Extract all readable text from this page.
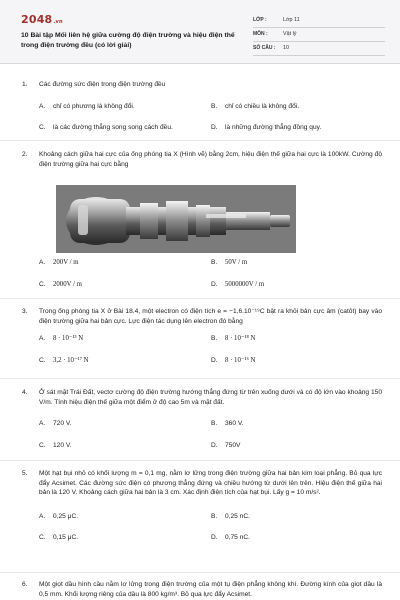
2048.vn
10 Bài tập Mối liên hệ giữa cường độ điện trường và hiệu điện thế trong điện trường đều (có lời giải)
LỚP :	Lớp 11
MÔN :	Vật lý
SỐ CÂU :	10
1.	Các đường sức điện trong điện trường đều
A.	chỉ có phương là không đổi.	B.	chỉ có chiều là không đổi.
C.	là các đường thẳng song song cách đều.	D.	là những đường thẳng đồng quy.
2.	Khoảng cách giữa hai cực của ống phóng tia X (Hình vẽ) bằng 2cm, hiệu điện thế giữa hai cực là 100kW. Cường độ điện trường giữa hai cực bằng
A.	200V / m	B.	50V / m
C.	2000V / m	D.	5000000V / m
3.	Trong ống phóng tia X ở Bài 18.4, một electron có điện tích e = −1,6.10⁻¹⁹C bật ra khỏi bản cực âm (catôt) bay vào điện trường giữa hai bản cực. Lực điện tác dụng lên electron đó bằng
A.	8 · 10⁻¹³ N	B.	8 · 10⁻¹⁸ N
C.	3,2 · 10⁻¹⁷ N	D.	8 · 10⁻¹⁶ N
4.	Ở sát mặt Trái Đất, vectơ cường độ điện trường hướng thẳng đứng từ trên xuống dưới và có độ lớn vào khoảng 150 V/m. Tính hiệu điện thế giữa một điểm ở độ cao 5m và mặt đất.
A.	720 V.	B.	360 V.
C.	120 V.	D.	750V
5.	Một hạt bụi nhỏ có khối lượng m = 0,1 mg, nằm lơ lửng trong điện trường giữa hai bản kim loại phẳng. Bỏ qua lực đẩy Acsimet. Các đường sức điện có phương thẳng đứng và chiều hướng từ dưới lên trên. Hiệu điện thế giữa hai bản là 120 V. Khoảng cách giữa hai bản là 3 cm. Xác định điện tích của hạt bụi. Lấy g = 10 m/s².
A.	0,25 μC.	B.	0,25 nC.
C.	0,15 μC.	D.	0,75 nC.
6.	Một giọt dầu hình cầu nằm lơ lửng trong điện trường của một tụ điện phẳng không khí. Đường kính của giọt dầu là 0,5 mm. Khối lượng riêng của dầu là 800 kg/m³. Bỏ qua lực đẩy Acsimet.
